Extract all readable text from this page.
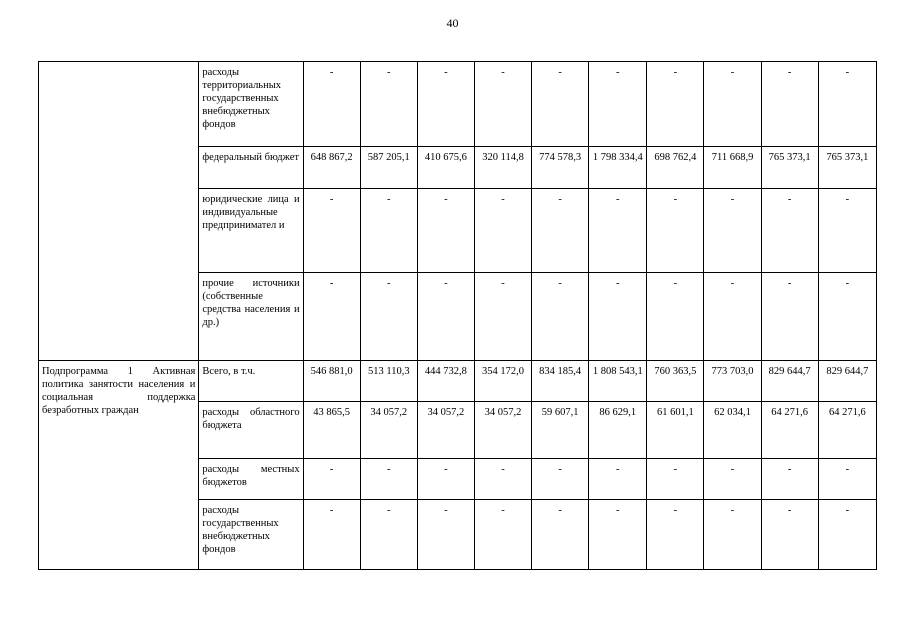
40
	расходы территориальных государственных внебюджетных фондов	-	-	-	-	-	-	-	-	-	-
	федеральный бюджет	648 867,2	587 205,1	410 675,6	320 114,8	774 578,3	1 798 334,4	698 762,4	711 668,9	765 373,1	765 373,1
	юридические лица и индивидуальные предпринимател и	-	-	-	-	-	-	-	-	-	-
	прочие источники (собственные средства населения и др.)	-	-	-	-	-	-	-	-	-	-
Подпрограмма 1 Активная политика занятости населения и социальная поддержка безработных граждан	Всего, в т.ч.	546 881,0	513 110,3	444 732,8	354 172,0	834 185,4	1 808 543,1	760 363,5	773 703,0	829 644,7	829 644,7
	расходы областного бюджета	43 865,5	34 057,2	34 057,2	34 057,2	59 607,1	86 629,1	61 601,1	62 034,1	64 271,6	64 271,6
	расходы местных бюджетов	-	-	-	-	-	-	-	-	-	-
	расходы государственных внебюджетных фондов	-	-	-	-	-	-	-	-	-	-
